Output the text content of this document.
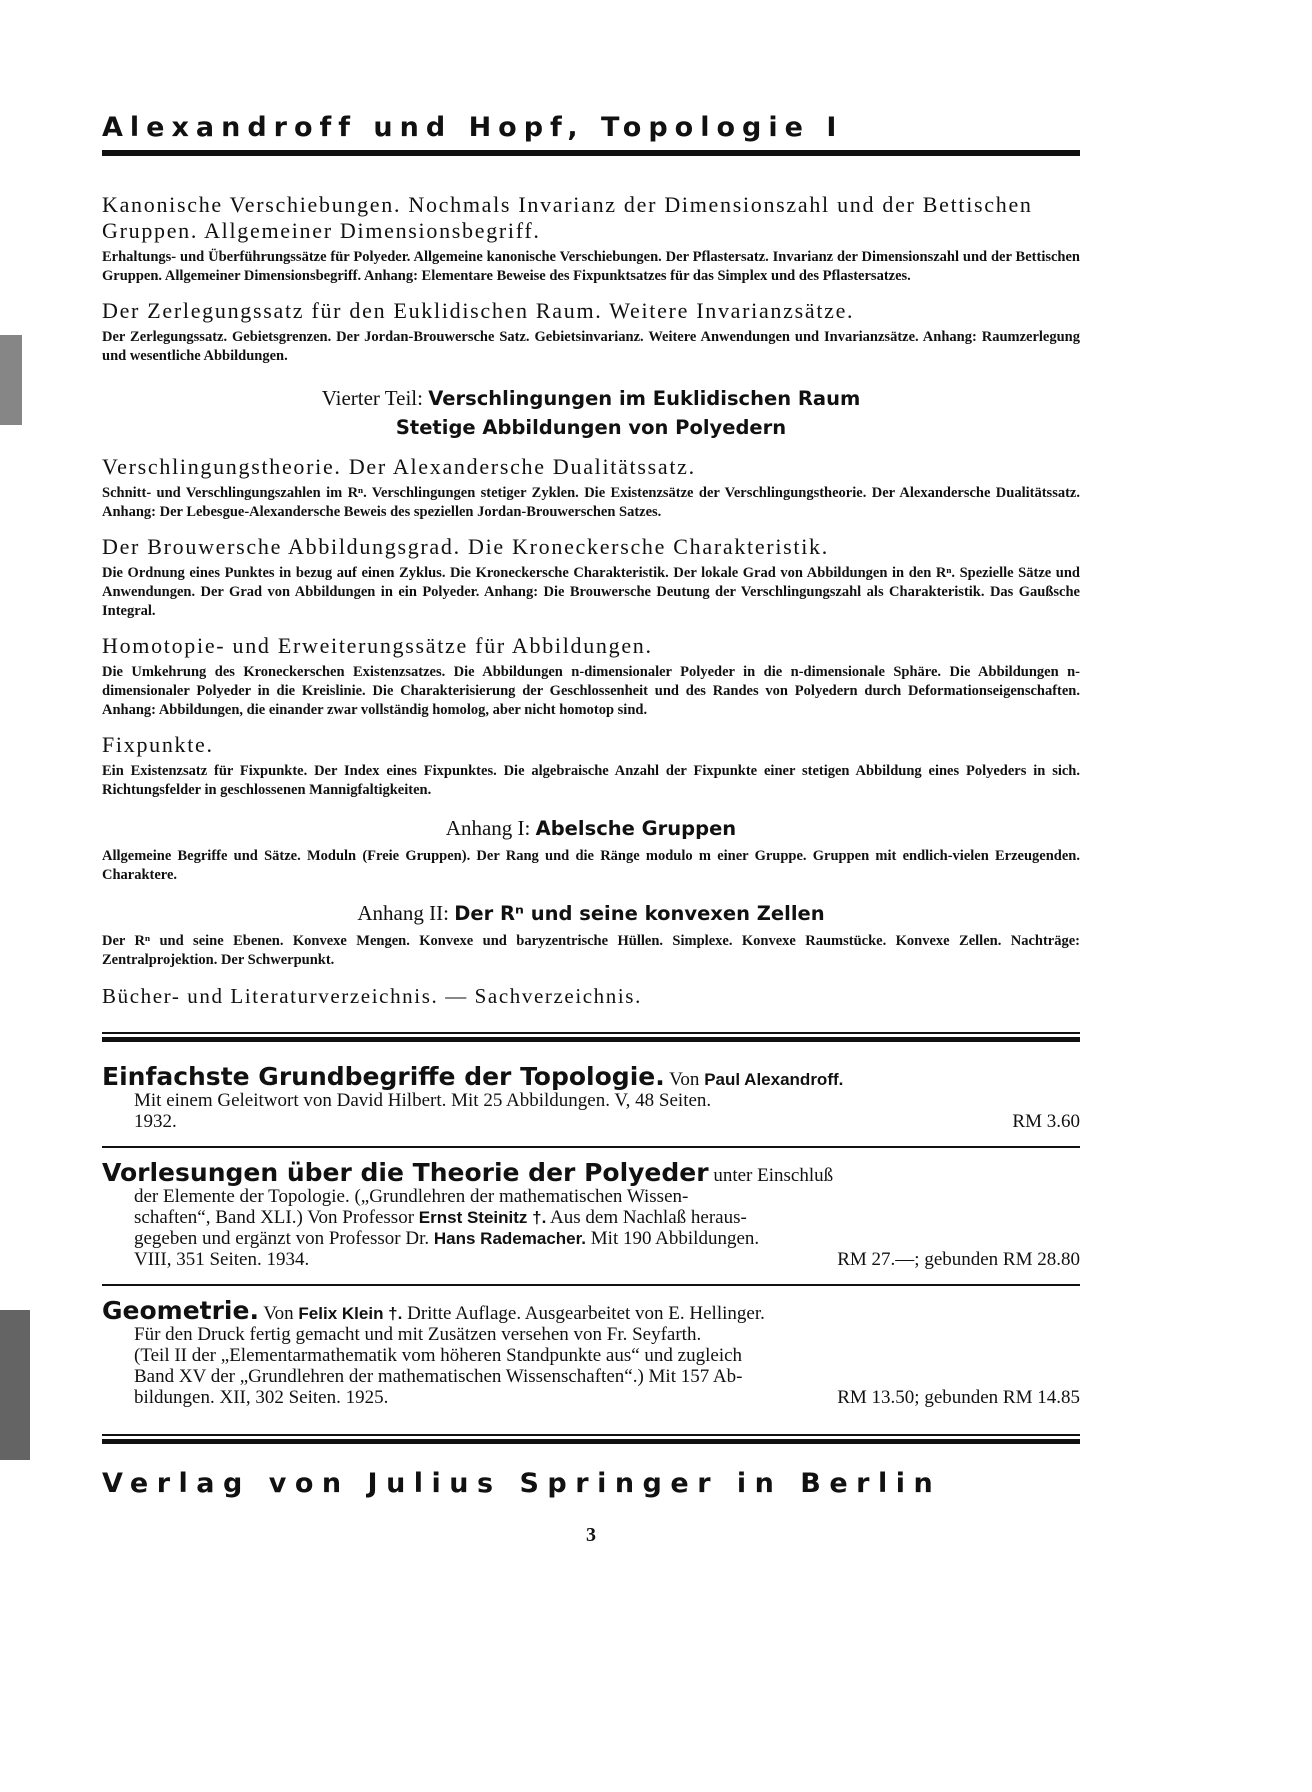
Alexandroff und Hopf, Topologie I
Kanonische Verschiebungen. Nochmals Invarianz der Dimensionszahl und der Bettischen Gruppen. Allgemeiner Dimensionsbegriff.
Erhaltungs- und Überführungssätze für Polyeder. Allgemeine kanonische Verschiebungen. Der Pflastersatz. Invarianz der Dimensionszahl und der Bettischen Gruppen. Allgemeiner Dimensionsbegriff. Anhang: Elementare Beweise des Fixpunktsatzes für das Simplex und des Pflastersatzes.
Der Zerlegungssatz für den Euklidischen Raum. Weitere Invarianzsätze.
Der Zerlegungssatz. Gebietsgrenzen. Der Jordan-Brouwersche Satz. Gebietsinvarianz. Weitere Anwendungen und Invarianzsätze. Anhang: Raumzerlegung und wesentliche Abbildungen.
Vierter Teil: Verschlingungen im Euklidischen Raum
Stetige Abbildungen von Polyedern
Verschlingungstheorie. Der Alexandersche Dualitätssatz.
Schnitt- und Verschlingungszahlen im Rⁿ. Verschlingungen stetiger Zyklen. Die Existenzsätze der Verschlingungstheorie. Der Alexandersche Dualitätssatz. Anhang: Der Lebesgue-Alexandersche Beweis des speziellen Jordan-Brouwerschen Satzes.
Der Brouwersche Abbildungsgrad. Die Kroneckersche Charakteristik.
Die Ordnung eines Punktes in bezug auf einen Zyklus. Die Kroneckersche Charakteristik. Der lokale Grad von Abbildungen in den Rⁿ. Spezielle Sätze und Anwendungen. Der Grad von Abbildungen in ein Polyeder. Anhang: Die Brouwersche Deutung der Verschlingungszahl als Charakteristik. Das Gaußsche Integral.
Homotopie- und Erweiterungssätze für Abbildungen.
Die Umkehrung des Kroneckerschen Existenzsatzes. Die Abbildungen n-dimensionaler Polyeder in die n-dimensionale Sphäre. Die Abbildungen n-dimensionaler Polyeder in die Kreislinie. Die Charakterisierung der Geschlossenheit und des Randes von Polyedern durch Deformationseigenschaften. Anhang: Abbildungen, die einander zwar vollständig homolog, aber nicht homotop sind.
Fixpunkte.
Ein Existenzsatz für Fixpunkte. Der Index eines Fixpunktes. Die algebraische Anzahl der Fixpunkte einer stetigen Abbildung eines Polyeders in sich. Richtungsfelder in geschlossenen Mannigfaltigkeiten.
Anhang I: Abelsche Gruppen
Allgemeine Begriffe und Sätze. Moduln (Freie Gruppen). Der Rang und die Ränge modulo m einer Gruppe. Gruppen mit endlich-vielen Erzeugenden. Charaktere.
Anhang II: Der Rⁿ und seine konvexen Zellen
Der Rⁿ und seine Ebenen. Konvexe Mengen. Konvexe und baryzentrische Hüllen. Simplexe. Konvexe Raumstücke. Konvexe Zellen. Nachträge: Zentralprojektion. Der Schwerpunkt.
Bücher- und Literaturverzeichnis. — Sachverzeichnis.
Einfachste Grundbegriffe der Topologie. Von Paul Alexandroff.
Mit einem Geleitwort von David Hilbert. Mit 25 Abbildungen. V, 48 Seiten.
1932.	RM 3.60
Vorlesungen über die Theorie der Polyeder unter Einschluß
der Elemente der Topologie. („Grundlehren der mathematischen Wissen-
schaften“, Band XLI.) Von Professor Ernst Steinitz †. Aus dem Nachlaß heraus-
gegeben und ergänzt von Professor Dr. Hans Rademacher. Mit 190 Abbildungen.
VIII, 351 Seiten. 1934.	RM 27.—; gebunden RM 28.80
Geometrie. Von Felix Klein †. Dritte Auflage. Ausgearbeitet von E. Hellinger.
Für den Druck fertig gemacht und mit Zusätzen versehen von Fr. Seyfarth.
(Teil II der „Elementarmathematik vom höheren Standpunkte aus“ und zugleich
Band XV der „Grundlehren der mathematischen Wissenschaften“.) Mit 157 Ab-
bildungen. XII, 302 Seiten. 1925.	RM 13.50; gebunden RM 14.85
Verlag von Julius Springer in Berlin
3
